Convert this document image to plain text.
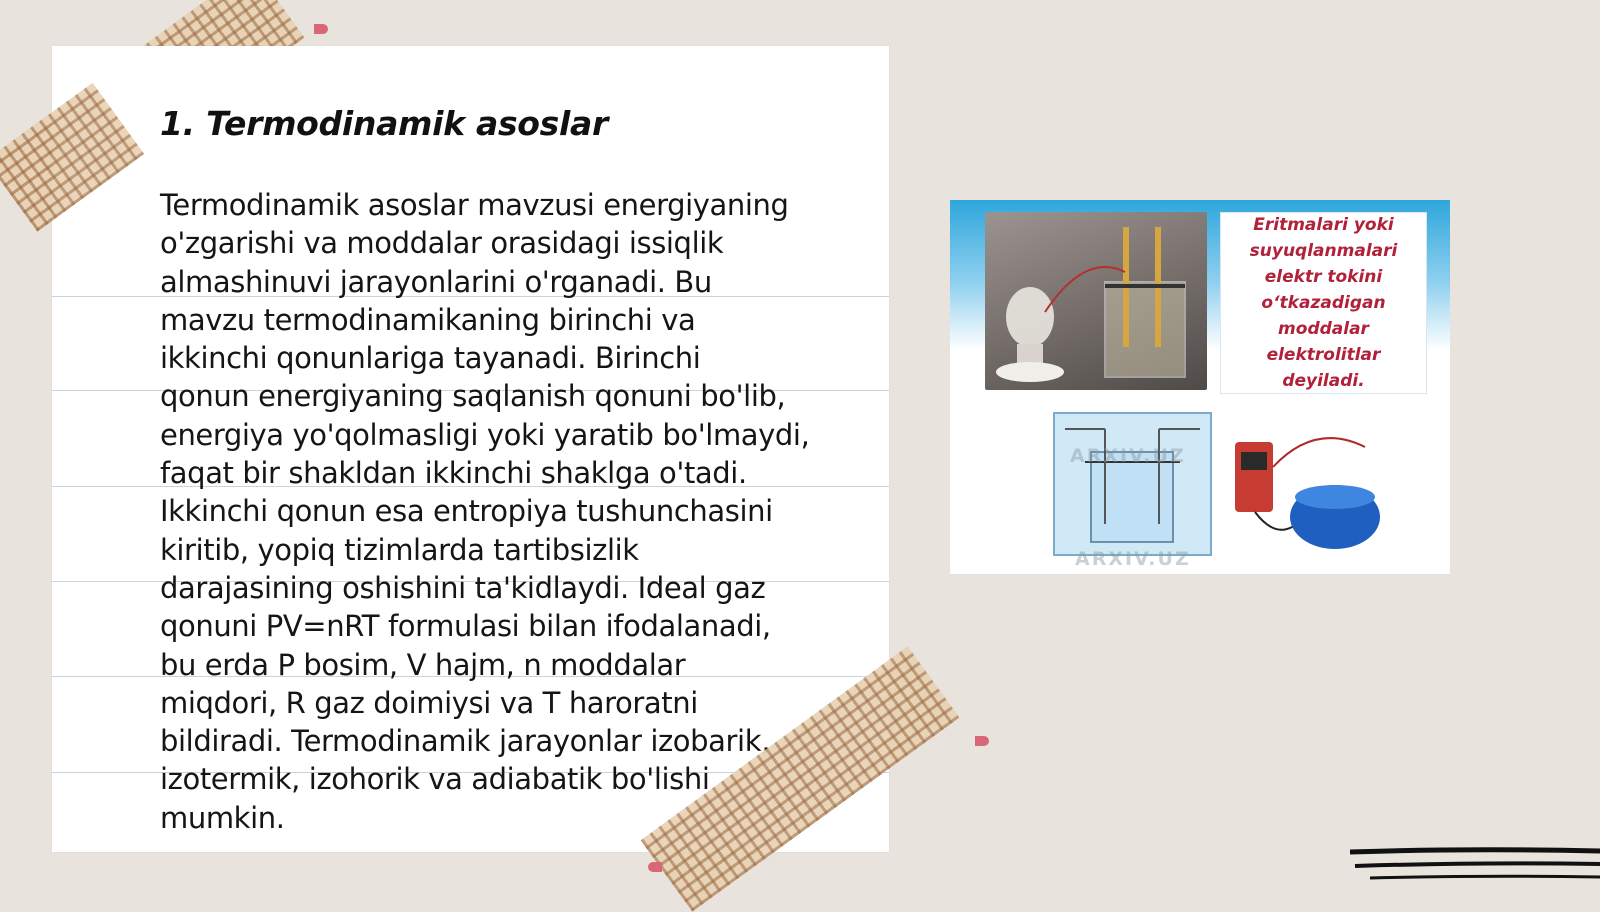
1. Termodinamik asoslar

Termodinamik asoslar mavzusi energiyaning
o'zgarishi va moddalar orasidagi issiqlik
almashinuvi jarayonlarini o'rganadi. Bu
mavzu termodinamikaning birinchi va
ikkinchi qonunlariga tayanadi. Birinchi
qonun energiyaning saqlanish qonuni bo'lib,
energiya yo'qolmasligi yoki yaratib bo'lmaydi,
faqat bir shakldan ikkinchi shaklga o'tadi.
Ikkinchi qonun esa entropiya tushunchasini
kiritib, yopiq tizimlarda tartibsizlik
darajasining oshishini ta'kidlaydi. Ideal gaz
qonuni PV=nRT formulasi bilan ifodalanadi,
bu erda P bosim, V hajm, n moddalar
miqdori, R gaz doimiysi va T haroratni
bildiradi. Termodinamik jarayonlar izobarik,
izotermik, izohorik va adiabatik bo'lishi
mumkin.

Eritmalari yoki
suyuqlanmalari
elektr tokini
o‘tkazadigan
moddalar
elektrolitlar deyiladi.
ARXIV.UZ
ARXIV.UZ
